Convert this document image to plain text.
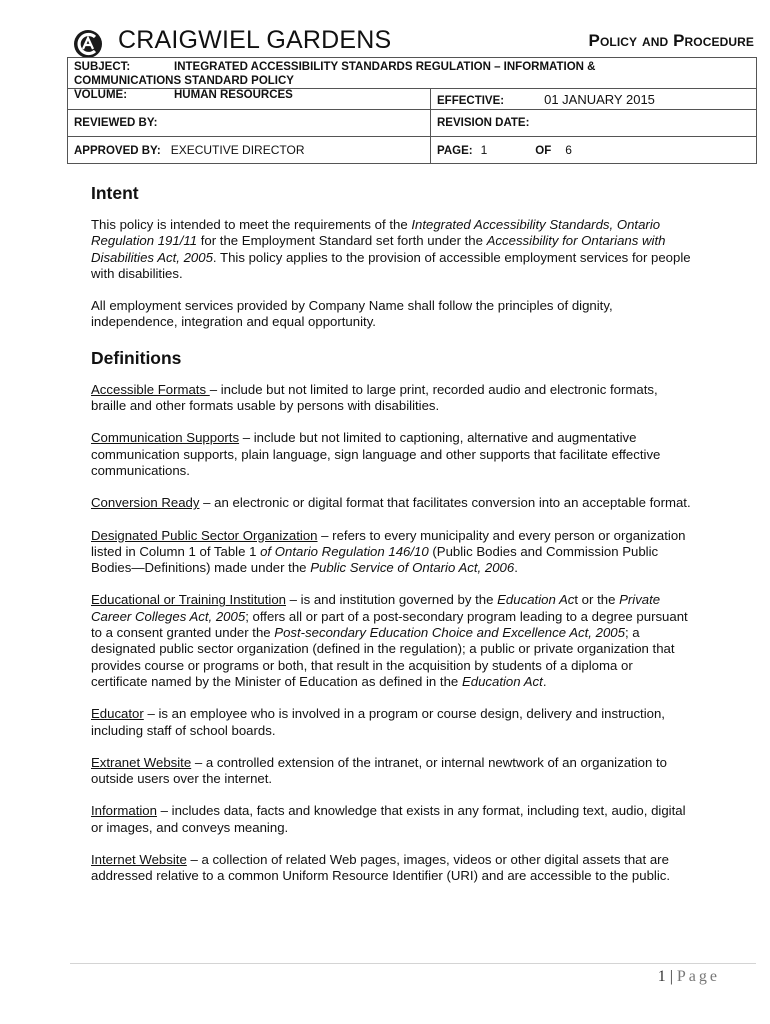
CRAIGWIEL GARDENS	Policy and Procedure
SUBJECT: INTEGRATED ACCESSIBILITY STANDARDS REGULATION – INFORMATION &
COMMUNICATIONS STANDARD POLICY	
VOLUME: HUMAN RESOURCES	EFFECTIVE: 01 JANUARY 2015
REVIEWED BY:	REVISION DATE:
APPROVED BY: EXECUTIVE DIRECTOR	PAGE: 1 OF 6
Intent

This policy is intended to meet the requirements of the Integrated Accessibility Standards, Ontario Regulation 191/11 for the Employment Standard set forth under the Accessibility for Ontarians with Disabilities Act, 2005. This policy applies to the provision of accessible employment services for people with disabilities.

All employment services provided by Company Name shall follow the principles of dignity, independence, integration and equal opportunity.

Definitions

Accessible Formats – include but not limited to large print, recorded audio and electronic formats, braille and other formats usable by persons with disabilities.

Communication Supports – include but not limited to captioning, alternative and augmentative communication supports, plain language, sign language and other supports that facilitate effective communications.

Conversion Ready – an electronic or digital format that facilitates conversion into an acceptable format.

Designated Public Sector Organization – refers to every municipality and every person or organization listed in Column 1 of Table 1 of Ontario Regulation 146/10 (Public Bodies and Commission Public Bodies—Definitions) made under the Public Service of Ontario Act, 2006.

Educational or Training Institution – is and institution governed by the Education Act or the Private Career Colleges Act, 2005; offers all or part of a post-secondary program leading to a degree pursuant to a consent granted under the Post-secondary Education Choice and Excellence Act, 2005; a designated public sector organization (defined in the regulation); a public or private organization that provides course or programs or both, that result in the acquisition by students of a diploma or certificate named by the Minister of Education as defined in the Education Act.

Educator – is an employee who is involved in a program or course design, delivery and instruction, including staff of school boards.

Extranet Website – a controlled extension of the intranet, or internal newtwork of an organization to outside users over the internet.

Information – includes data, facts and knowledge that exists in any format, including text, audio, digital or images, and conveys meaning.

Internet Website – a collection of related Web pages, images, videos or other digital assets that are addressed relative to a common Uniform Resource Identifier (URI) and are accessible to the public.

1 | Page
